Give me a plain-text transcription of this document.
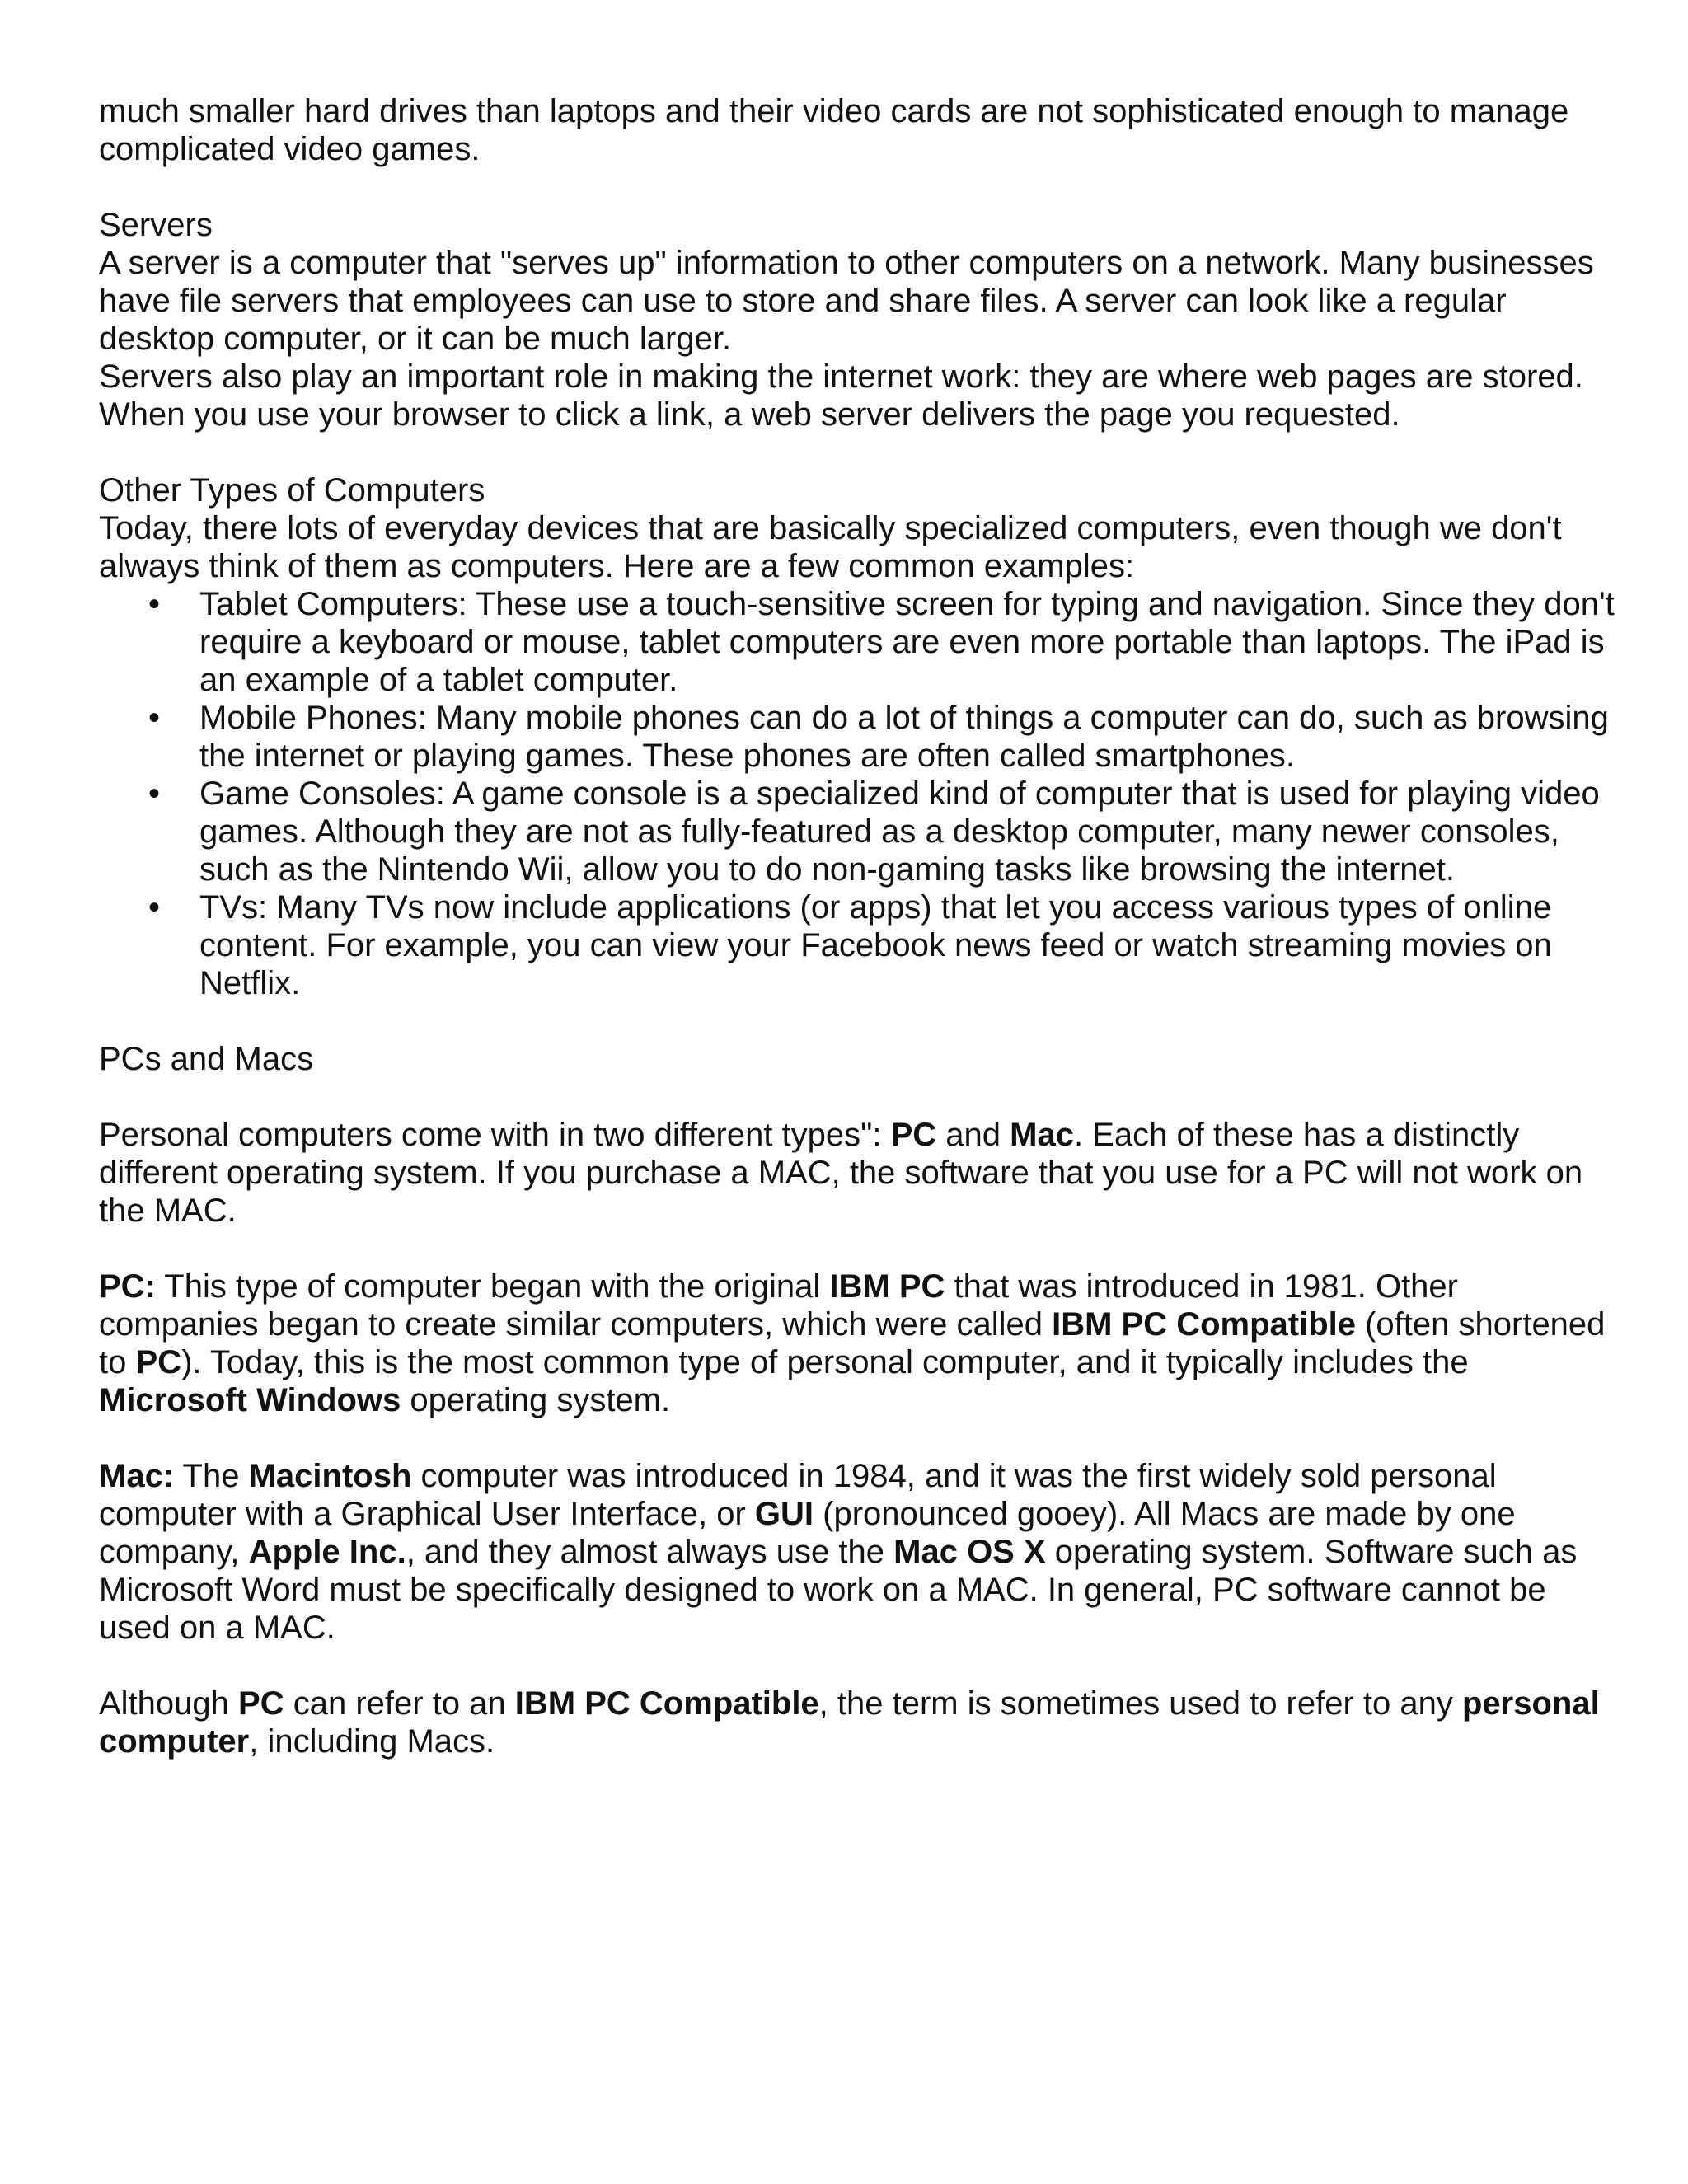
much smaller hard drives than laptops and their video cards are not sophisticated enough to manage complicated video games.

Servers

A server is a computer that "serves up" information to other computers on a network. Many businesses have file servers that employees can use to store and share files. A server can look like a regular desktop computer, or it can be much larger.

Servers also play an important role in making the internet work: they are where web pages are stored. When you use your browser to click a link, a web server delivers the page you requested.

Other Types of Computers

Today, there lots of everyday devices that are basically specialized computers, even though we don't always think of them as computers. Here are a few common examples:

• Tablet Computers: These use a touch-sensitive screen for typing and navigation. Since they don't require a keyboard or mouse, tablet computers are even more portable than laptops. The iPad is an example of a tablet computer.
• Mobile Phones: Many mobile phones can do a lot of things a computer can do, such as browsing the internet or playing games. These phones are often called smartphones.
• Game Consoles: A game console is a specialized kind of computer that is used for playing video games. Although they are not as fully-featured as a desktop computer, many newer consoles, such as the Nintendo Wii, allow you to do non-gaming tasks like browsing the internet.
• TVs: Many TVs now include applications (or apps) that let you access various types of online content. For example, you can view your Facebook news feed or watch streaming movies on Netflix.

PCs and Macs

Personal computers come with in two different types": PC and Mac. Each of these has a distinctly different operating system. If you purchase a MAC, the software that you use for a PC will not work on the MAC.

PC: This type of computer began with the original IBM PC that was introduced in 1981. Other companies began to create similar computers, which were called IBM PC Compatible (often shortened to PC). Today, this is the most common type of personal computer, and it typically includes the Microsoft Windows operating system.

Mac: The Macintosh computer was introduced in 1984, and it was the first widely sold personal computer with a Graphical User Interface, or GUI (pronounced gooey). All Macs are made by one company, Apple Inc., and they almost always use the Mac OS X operating system. Software such as Microsoft Word must be specifically designed to work on a MAC. In general, PC software cannot be used on a MAC.

Although PC can refer to an IBM PC Compatible, the term is sometimes used to refer to any personal computer, including Macs.
